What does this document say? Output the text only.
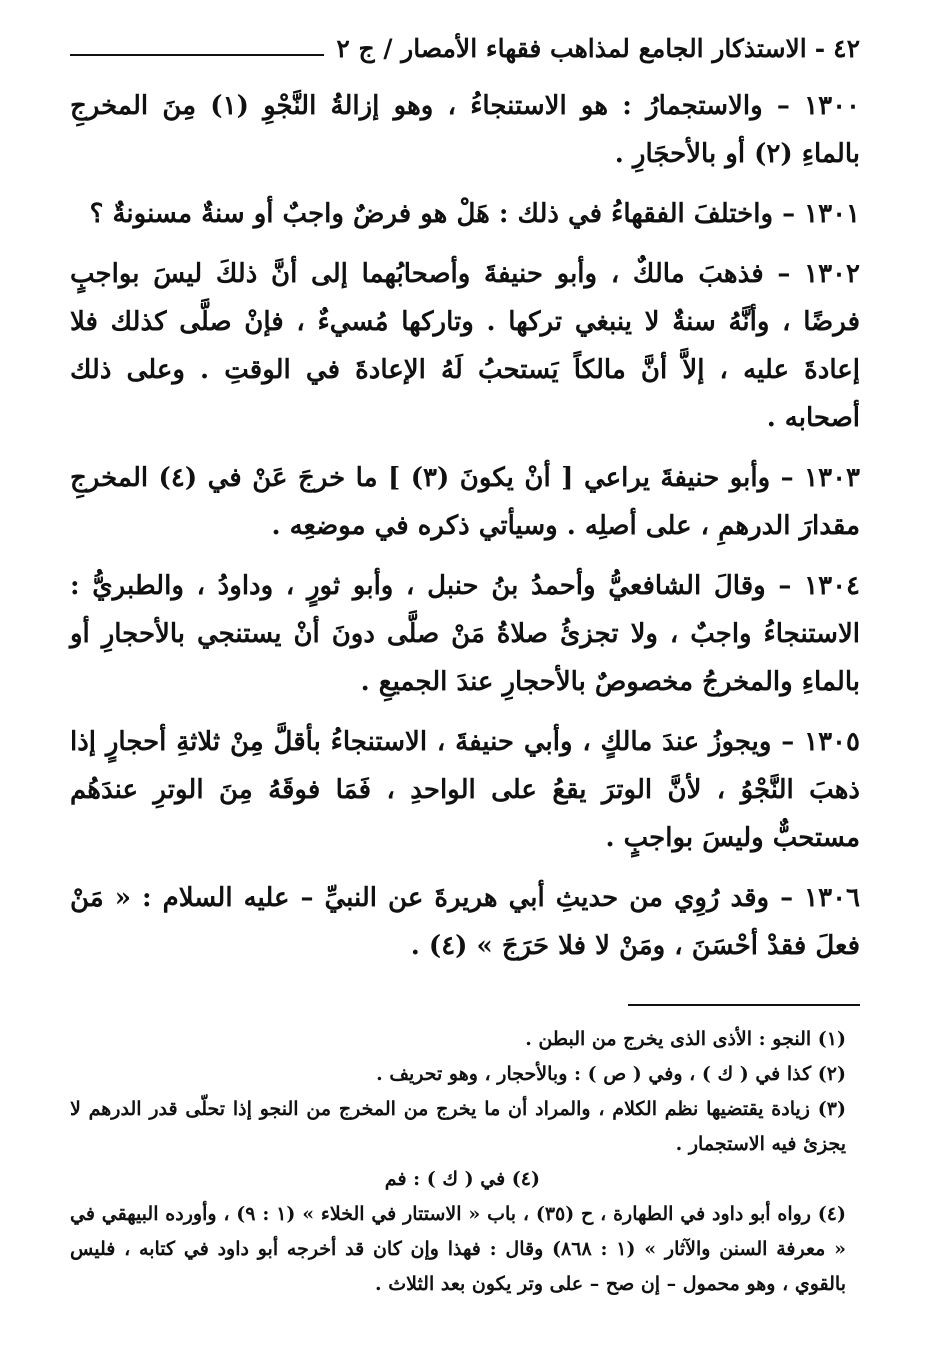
٤٢
-
الاستذكار الجامع لمذاهب فقهاء الأمصار / ج ٢

١٣٠٠ – والاستجمارُ : هو الاستنجاءُ ، وهو إزالةُ النَّجْوِ (١) مِنَ المخرجِ بالماءِ (٢) أو بالأحجَارِ .

١٣٠١ – واختلفَ الفقهاءُ في ذلك : هَلْ هو فرضٌ واجبٌ أو سنةٌ مسنونةٌ ؟

١٣٠٢ – فذهبَ مالكٌ ، وأبو حنيفةَ وأصحابُهما إلى أنَّ ذلكَ ليسَ بواجبٍ فرضًا ، وأنَّهُ سنةٌ لا ينبغي تركها . وتاركها مُسيءٌ ، فإنْ صلَّى كذلك فلا إعادةَ عليه ، إلاَّ أنَّ مالكاً يَستحبُ لَهُ الإعادةَ في الوقتِ . وعلى ذلك أصحابه .

١٣٠٣ – وأبو حنيفةَ يراعي [ أنْ يكونَ (٣) ] ما خرجَ عَنْ في (٤) المخرجِ مقدارَ الدرهمِ ، على أصلِه . وسيأتي ذكره في موضعِه .

١٣٠٤ – وقالَ الشافعيُّ وأحمدُ بنُ حنبل ، وأبو ثورٍ ، وداودُ ، والطبريُّ : الاستنجاءُ واجبٌ ، ولا تجزئُ صلاةُ مَنْ صلَّى دونَ أنْ يستنجي بالأحجارِ أو بالماءِ والمخرجُ مخصوصٌ بالأحجارِ عندَ الجميعِ .

١٣٠٥ – ويجوزُ عندَ مالكٍ ، وأبي حنيفةَ ، الاستنجاءُ بأقلَّ مِنْ ثلاثةِ أحجارٍ إذا ذهبَ النَّجْوُ ، لأنَّ الوترَ يقعُ على الواحدِ ، فَمَا فوقَهُ مِنَ الوترِ عندَهُم مستحبٌّ وليسَ بواجبٍ .

١٣٠٦ – وقد رُوِي من حديثِ أبي هريرةَ عن النبيِّ – عليه السلام : « مَنْ فعلَ فقدْ أحْسَنَ ، ومَنْ لا فلا حَرَجَ » (٤) .

(١) النجو : الأذى الذى يخرج من البطن .

(٢) كذا في ( ك ) ، وفي ( ص ) : وبالأحجار ، وهو تحريف .

(٣) زيادة يقتضيها نظم الكلام ، والمراد أن ما يخرج من المخرج من النجو إذا تحلّى قدر الدرهم لا يجزئ فيه الاستجمار .

(٤) في ( ك ) : فم

(٤) رواه أبو داود في الطهارة ، ح (٣٥) ، باب « الاستتار في الخلاء » (١ : ٩) ، وأورده البيهقي في « معرفة السنن والآثار » (١ : ٨٦٨) وقال : فهذا وإن كان قد أخرجه أبو داود في كتابه ، فليس بالقوي ، وهو محمول – إن صح – على وتر يكون بعد الثلاث .
